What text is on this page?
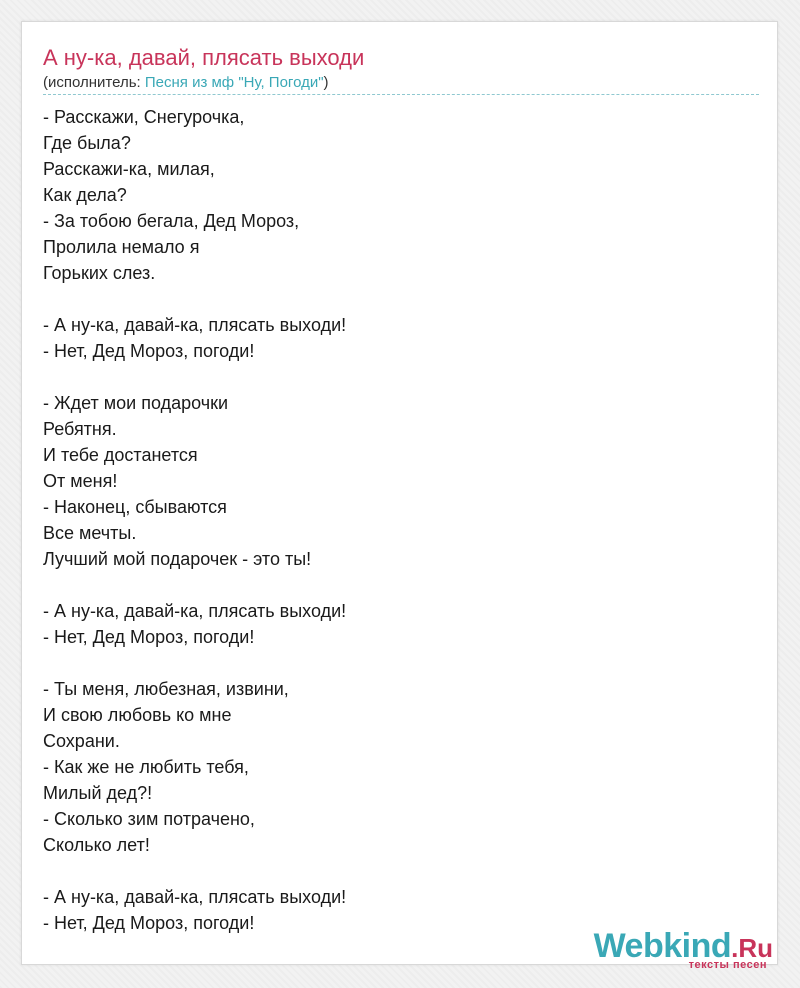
А ну-ка, давай, плясать выходи
(исполнитель: Песня из мф "Ну, Погоди")
- Расскажи, Снегурочка,
Где была?
Расскажи-ка, милая,
Как дела?
- За тобою бегала, Дед Мороз,
Пролила немало я
Горьких слез.
- А ну-ка, давай-ка, плясать выходи!
- Нет, Дед Мороз, погоди!
- Ждет мои подарочки
Ребятня.
И тебе достанется
От меня!
- Наконец, сбываются
Все мечты.
Лучший мой подарочек - это ты!
- А ну-ка, давай-ка, плясать выходи!
- Нет, Дед Мороз, погоди!
- Ты меня, любезная, извини,
И свою любовь ко мне
Сохрани.
- Как же не любить тебя,
Милый дед?!
- Сколько зим потрачено,
Сколько лет!
- А ну-ка, давай-ка, плясать выходи!
- Нет, Дед Мороз, погоди!
Webkind.Ru
тексты песен
